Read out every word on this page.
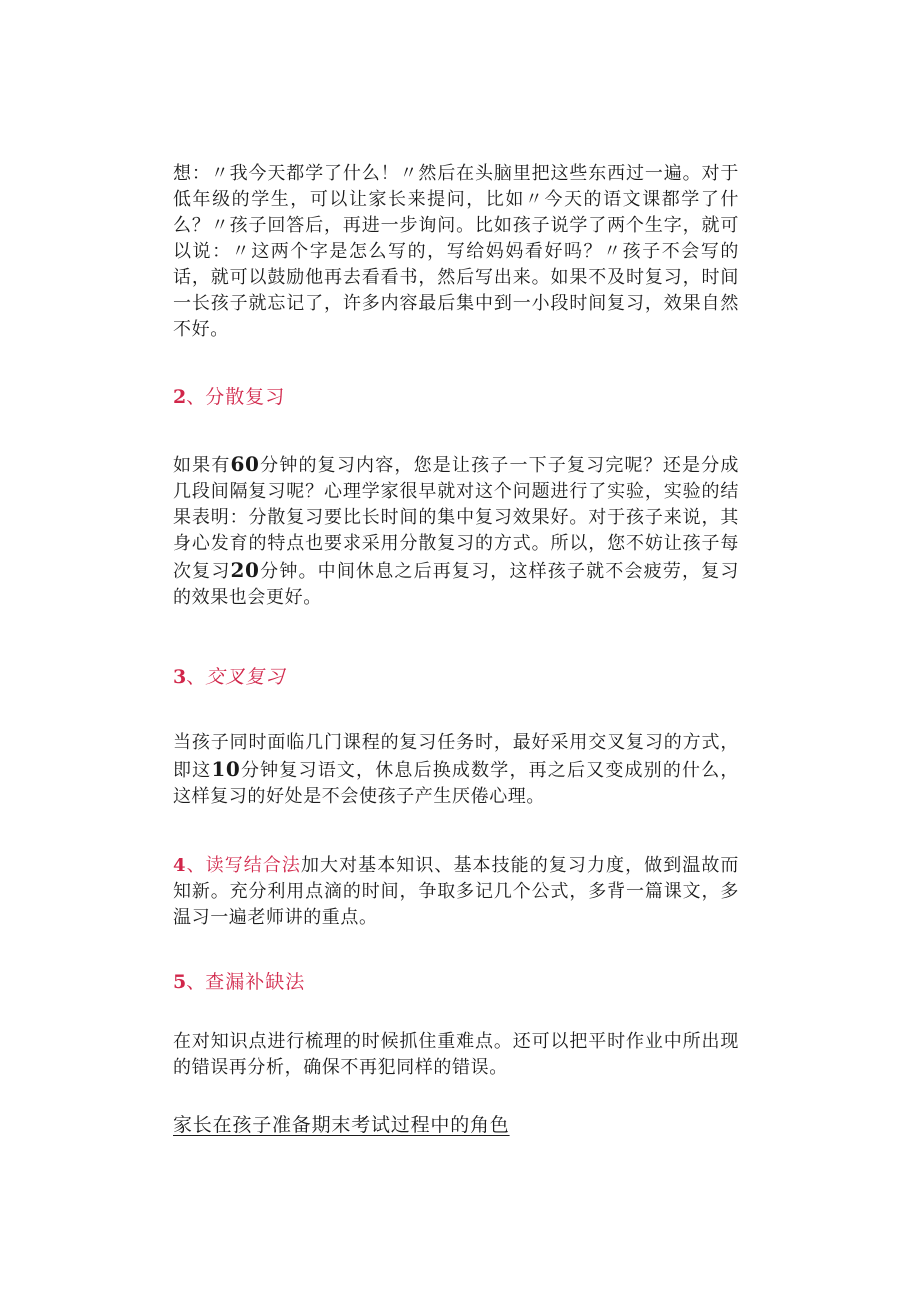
想：〃我今天都学了什么！〃然后在头脑里把这些东西过一遍。对于低年级的学生，可以让家长来提问，比如〃今天的语文课都学了什么？〃孩子回答后，再进一步询问。比如孩子说学了两个生字，就可以说：〃这两个字是怎么写的，写给妈妈看好吗？〃孩子不会写的话，就可以鼓励他再去看看书，然后写出来。如果不及时复习，时间一长孩子就忘记了，许多内容最后集中到一小段时间复习，效果自然不好。

2、分散复习

如果有60分钟的复习内容，您是让孩子一下子复习完呢？还是分成几段间隔复习呢？心理学家很早就对这个问题进行了实验，实验的结果表明：分散复习要比长时间的集中复习效果好。对于孩子来说，其身心发育的特点也要求采用分散复习的方式。所以，您不妨让孩子每次复习20分钟。中间休息之后再复习，这样孩子就不会疲劳，复习的效果也会更好。

3、交叉复习

当孩子同时面临几门课程的复习任务时，最好采用交叉复习的方式，即这10分钟复习语文，休息后换成数学，再之后又变成别的什么，这样复习的好处是不会使孩子产生厌倦心理。

4、读写结合法加大对基本知识、基本技能的复习力度，做到温故而知新。充分利用点滴的时间，争取多记几个公式，多背一篇课文，多温习一遍老师讲的重点。

5、查漏补缺法

在对知识点进行梳理的时候抓住重难点。还可以把平时作业中所出现的错误再分析，确保不再犯同样的错误。

家长在孩子准备期末考试过程中的角色
